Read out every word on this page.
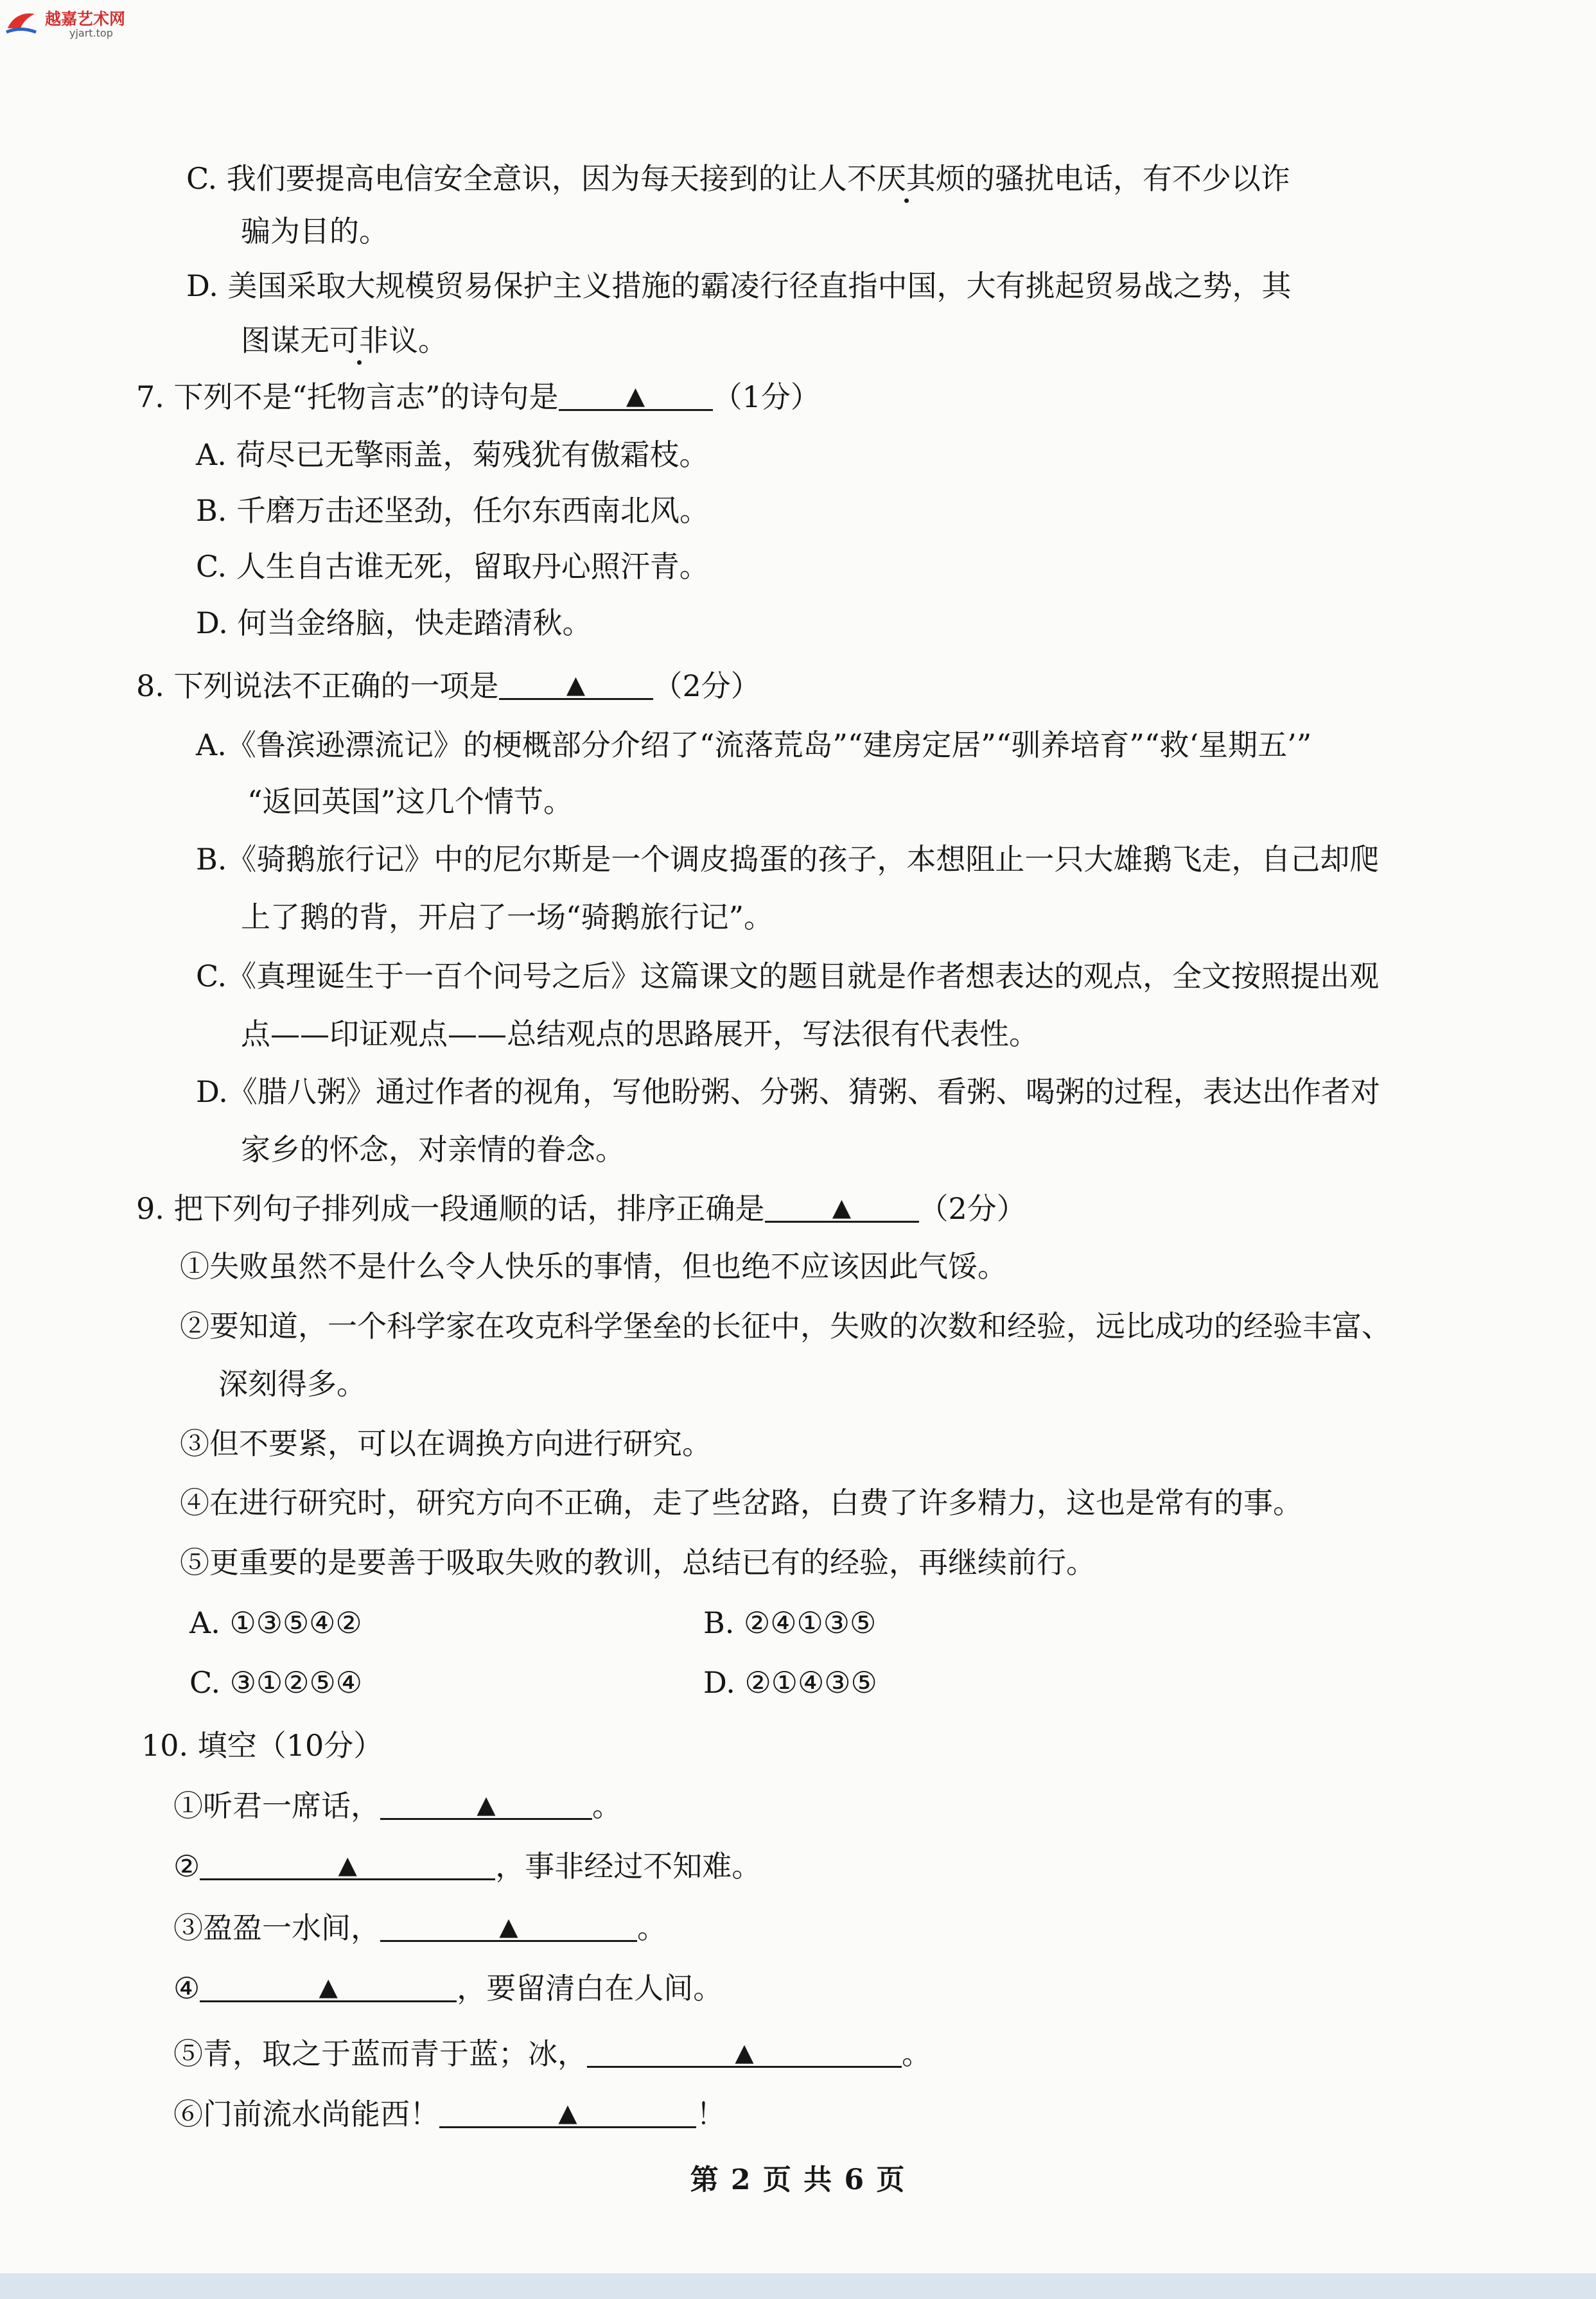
越嘉艺术网
yjart.top
C. 我们要提高电信安全意识，因为每天接到的让人不厌其烦的骚扰电话，有不少以诈
骗为目的。
D. 美国采取大规模贸易保护主义措施的霸凌行径直指中国，大有挑起贸易战之势，其
图谋无可非议。
7. 下列不是“托物言志”的诗句是	▲ （1分）
A. 荷尽已无擎雨盖，菊残犹有傲霜枝。
B. 千磨万击还坚劲，任尔东西南北风。
C. 人生自古谁无死，留取丹心照汗青。
D. 何当金络脑，快走踏清秋。
8. 下列说法不正确的一项是	▲ （2分）
A.《鲁滨逊漂流记》的梗概部分介绍了“流落荒岛”“建房定居”“驯养培育”“救‘星期五’”
“返回英国”这几个情节。
B.《骑鹅旅行记》中的尼尔斯是一个调皮捣蛋的孩子，本想阻止一只大雄鹅飞走，自己却爬
上了鹅的背，开启了一场“骑鹅旅行记”。
C.《真理诞生于一百个问号之后》这篇课文的题目就是作者想表达的观点，全文按照提出观
点——印证观点——总结观点的思路展开，写法很有代表性。
D.《腊八粥》通过作者的视角，写他盼粥、分粥、猜粥、看粥、喝粥的过程，表达出作者对
家乡的怀念，对亲情的眷念。
9. 把下列句子排列成一段通顺的话，排序正确是	▲ （2分）
①失败虽然不是什么令人快乐的事情，但也绝不应该因此气馁。
②要知道，一个科学家在攻克科学堡垒的长征中，失败的次数和经验，远比成功的经验丰富、
深刻得多。
③但不要紧，可以在调换方向进行研究。
④在进行研究时，研究方向不正确，走了些岔路，白费了许多精力，这也是常有的事。
⑤更重要的是要善于吸取失败的教训，总结已有的经验，再继续前行。
A. ①③⑤④②	B. ②④①③⑤
C. ③①②⑤④	D. ②①④③⑤
10. 填空（10分）
①听君一席话，	▲	。
②	▲	，事非经过不知难。
③盈盈一水间，	▲	。
④	▲	，要留清白在人间。
⑤青，取之于蓝而青于蓝；冰，	▲	。
⑥门前流水尚能西！	▲	！
第 2 页 共 6 页
